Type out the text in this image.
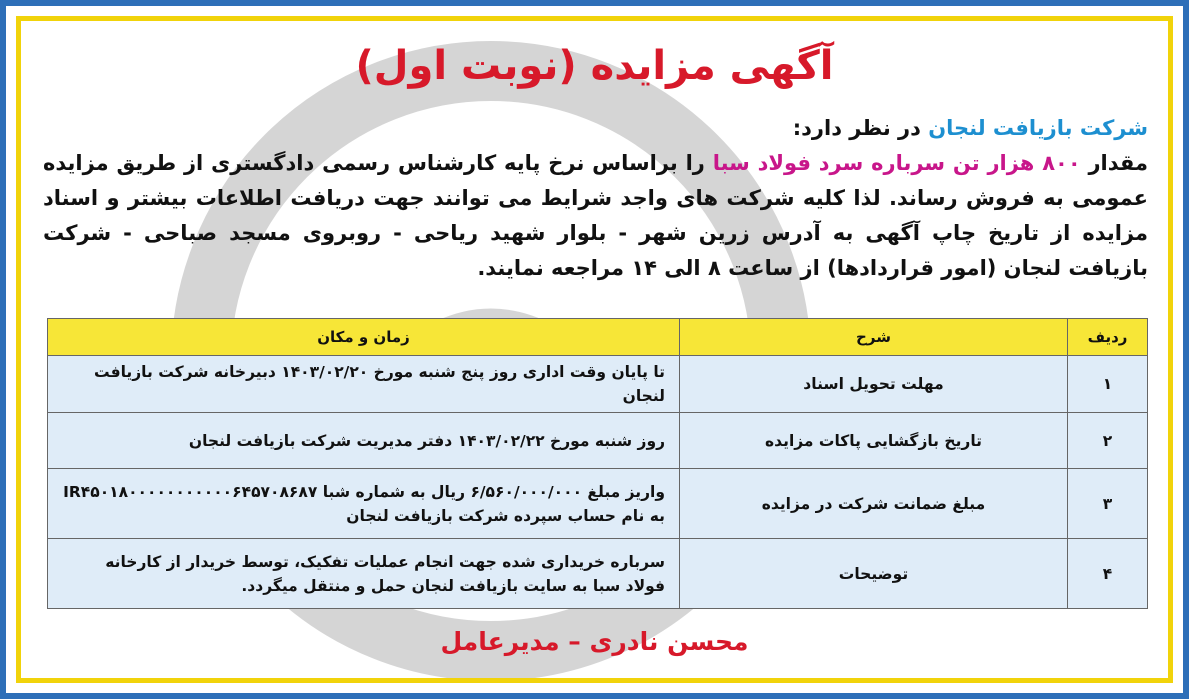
آگهی مزایده (نوبت اول)

شرکت بازیافت لنجان در نظر دارد:
مقدار ۸۰۰ هزار تن سرباره سرد فولاد سبا را براساس نرخ پایه کارشناس رسمی دادگستری از طریق مزایده عمومی به فروش رساند. لذا کلیه شرکت های واجد شرایط می توانند جهت دریافت اطلاعات بیشتر و اسناد مزایده از تاریخ چاپ آگهی به آدرس زرین شهر - بلوار شهید ریاحی - روبروی مسجد صباحی - شرکت بازیافت لنجان (امور قراردادها) از ساعت ۸ الی ۱۴ مراجعه نمایند.

ردیف	شرح	زمان و مکان
۱	مهلت تحویل اسناد	تا پایان وقت اداری روز پنج شنبه مورخ ۱۴۰۳/۰۲/۲۰ دبیرخانه شرکت بازیافت لنجان
۲	تاریخ بازگشایی پاکات مزایده	روز شنبه مورخ ۱۴۰۳/۰۲/۲۲ دفتر مدیریت شرکت بازیافت لنجان
۳	مبلغ ضمانت شرکت در مزایده	واریز مبلغ ۶/۵۶۰/۰۰۰/۰۰۰ ریال به شماره شبا IR۴۵۰۱۸۰۰۰۰۰۰۰۰۰۰۰۶۴۵۷۰۸۶۸۷ به نام حساب سپرده شرکت بازیافت لنجان
۴	توضیحات	سرباره خریداری شده جهت انجام عملیات تفکیک، توسط خریدار از کارخانه فولاد سبا به سایت بازیافت لنجان حمل و منتقل میگردد.
محسن نادری – مدیرعامل
